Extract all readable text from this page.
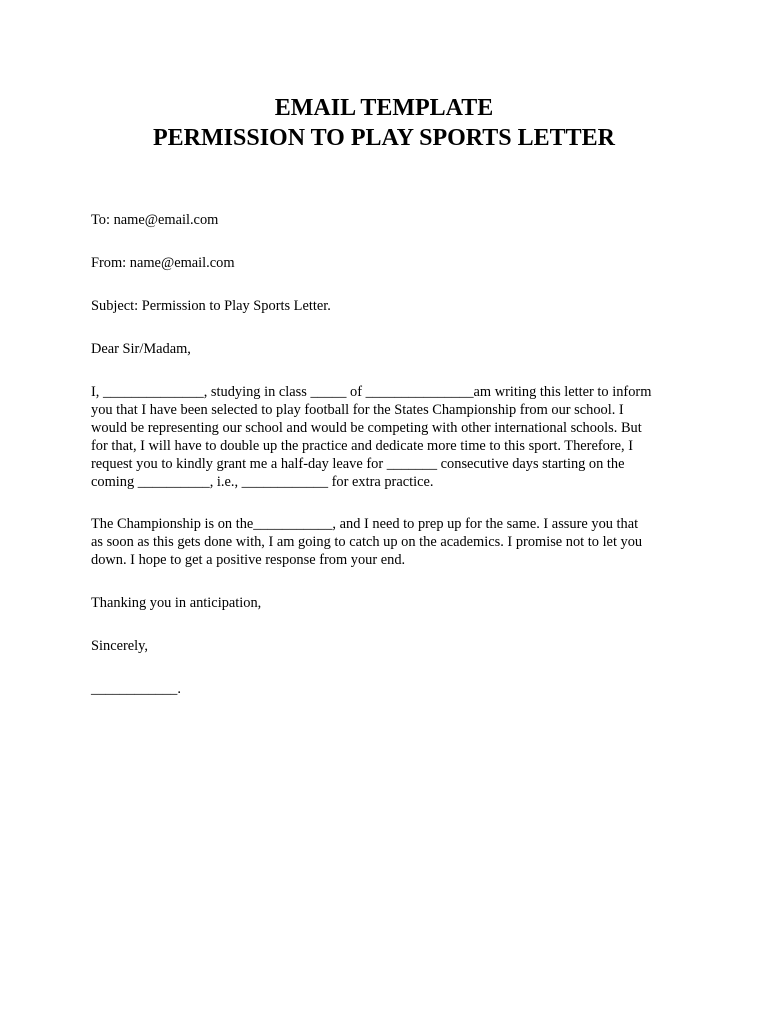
EMAIL TEMPLATE
PERMISSION TO PLAY SPORTS LETTER
To: name@email.com
From: name@email.com
Subject: Permission to Play Sports Letter.
Dear Sir/Madam,
I, ______________, studying in class _____ of _______________am writing this letter to inform
you that I have been selected to play football for the States Championship from our school. I
would be representing our school and would be competing with other international schools. But
for that, I will have to double up the practice and dedicate more time to this sport. Therefore, I
request you to kindly grant me a half-day leave for _______ consecutive days starting on the
coming __________, i.e., ____________ for extra practice.
The Championship is on the___________, and I need to prep up for the same. I assure you that
as soon as this gets done with, I am going to catch up on the academics. I promise not to let you
down. I hope to get a positive response from your end.
Thanking you in anticipation,
Sincerely,
____________.
